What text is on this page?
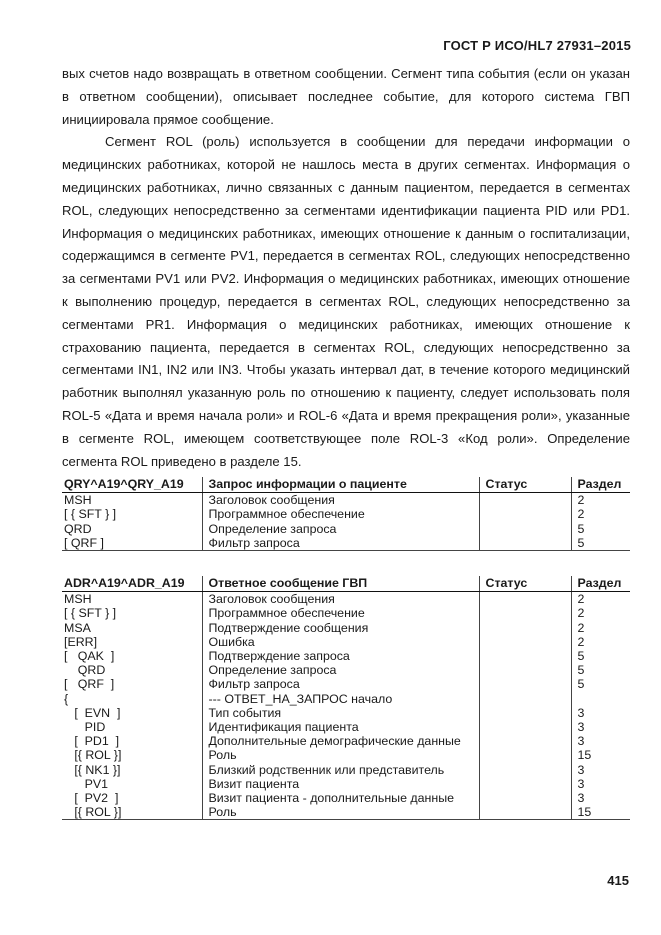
ГОСТ Р ИСО/HL7 27931–2015

вых счетов надо возвращать в ответном сообщении. Сегмент типа события (если он указан в ответном сообщении), описывает последнее событие, для которого система ГВП инициировала прямое сообщение.

Сегмент ROL (роль) используется в сообщении для передачи информации о медицинских работниках, которой не нашлось места в других сегментах. Информация о медицинских работниках, лично связанных с данным пациентом, передается в сегментах ROL, следующих непосредственно за сегментами идентификации пациента PID или PD1. Информация о медицинских работниках, имеющих отношение к данным о госпитализации, содержащимся в сегменте PV1, передается в сегментах ROL, следующих непосредственно за сегментами PV1 или PV2. Информация о медицинских работниках, имеющих отношение к выполнению процедур, передается в сегментах ROL, следующих непосредственно за сегментами PR1. Информация о медицинских работниках, имеющих отношение к страхованию пациента, передается в сегментах ROL, следующих непосредственно за сегментами IN1, IN2 или IN3. Чтобы указать интервал дат, в течение которого медицинский работник выполнял указанную роль по отношению к пациенту, следует использовать поля ROL-5 «Дата и время начала роли» и ROL-6 «Дата и время прекращения роли», указанные в сегменте ROL, имеющем соответствующее поле ROL-3 «Код роли». Определение сегмента ROL приведено в разделе 15.

QRY^A19^QRY_A19	Запрос информации о пациенте	Статус	Раздел
MSH	Заголовок сообщения		2
[ { SFT } ]	Программное обеспечение		2
QRD	Определение запроса		5
[ QRF ]	Фильтр запроса		5
ADR^A19^ADR_A19	Ответное сообщение ГВП	Статус	Раздел
MSH	Заголовок сообщения		2
[ { SFT } ]	Программное обеспечение		2
MSA	Подтверждение сообщения		2
[ERR]	Ошибка		2
[   QAK  ]	Подтверждение запроса		5
QRD	Определение запроса		5
[   QRF  ]	Фильтр запроса		5
{	--- ОТВЕТ_НА_ЗАПРОС начало		
[  EVN  ]	Тип события		3
PID	Идентификация пациента		3
[  PD1  ]	Дополнительные демографические данные		3
[{ ROL }]	Роль		15
[{ NK1 }]	Близкий родственник или представитель		3
PV1	Визит пациента		3
[  PV2  ]	Визит пациента - дополнительные данные		3
[{ ROL }]	Роль		15
415
